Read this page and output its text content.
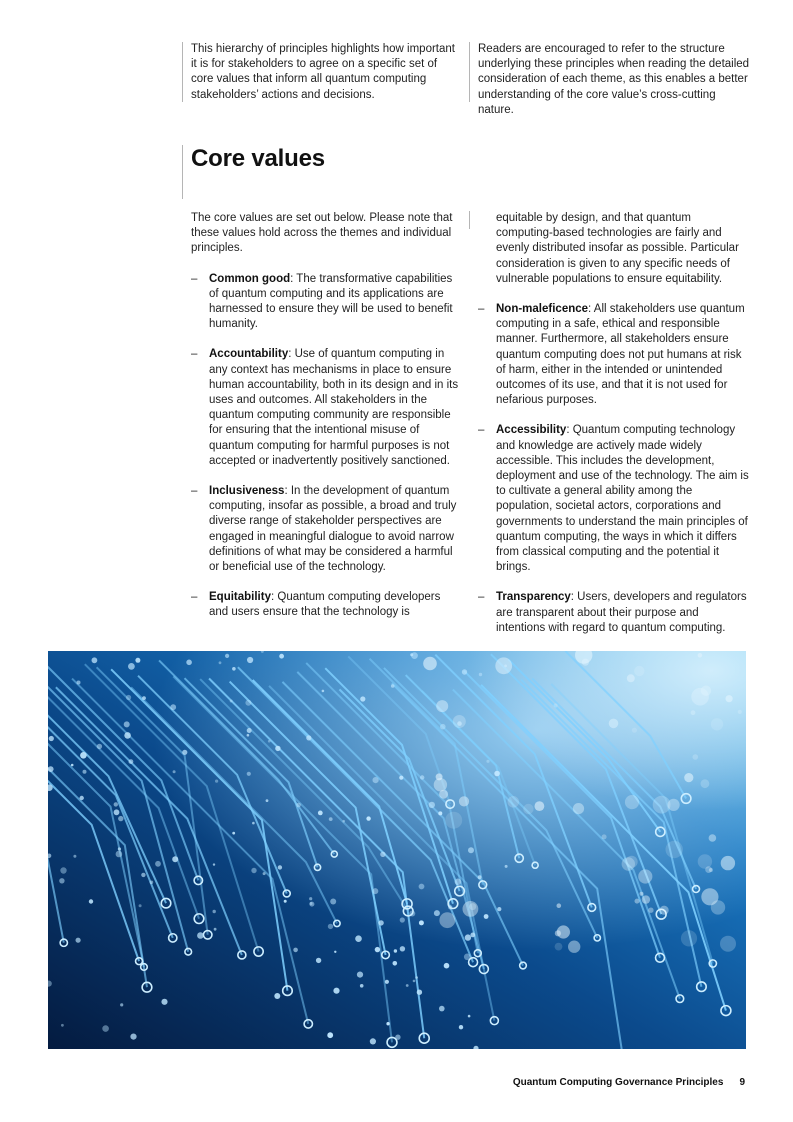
This hierarchy of principles highlights how important it is for stakeholders to agree on a specific set of core values that inform all quantum computing stakeholders’ actions and decisions.
Readers are encouraged to refer to the structure underlying these principles when reading the detailed consideration of each theme, as this enables a better understanding of the core value’s cross-cutting nature.
Core values
The core values are set out below. Please note that these values hold across the themes and individual principles.
– Common good: The transformative capabilities of quantum computing and its applications are harnessed to ensure they will be used to benefit humanity.
– Accountability: Use of quantum computing in any context has mechanisms in place to ensure human accountability, both in its design and in its uses and outcomes. All stakeholders in the quantum computing community are responsible for ensuring that the intentional misuse of quantum computing for harmful purposes is not accepted or inadvertently positively sanctioned.
– Inclusiveness: In the development of quantum computing, insofar as possible, a broad and truly diverse range of stakeholder perspectives are engaged in meaningful dialogue to avoid narrow definitions of what may be considered a harmful or beneficial use of the technology.
– Equitability: Quantum computing developers and users ensure that the technology is
equitable by design, and that quantum computing-based technologies are fairly and evenly distributed insofar as possible. Particular consideration is given to any specific needs of vulnerable populations to ensure equitability.
– Non-maleficence: All stakeholders use quantum computing in a safe, ethical and responsible manner. Furthermore, all stakeholders ensure quantum computing does not put humans at risk of harm, either in the intended or unintended outcomes of its use, and that it is not used for nefarious purposes.
– Accessibility: Quantum computing technology and knowledge are actively made widely accessible. This includes the development, deployment and use of the technology. The aim is to cultivate a general ability among the population, societal actors, corporations and governments to understand the main principles of quantum computing, the ways in which it differs from classical computing and the potential it brings.
– Transparency: Users, developers and regulators are transparent about their purpose and intentions with regard to quantum computing.
Quantum Computing Governance Principles 9
